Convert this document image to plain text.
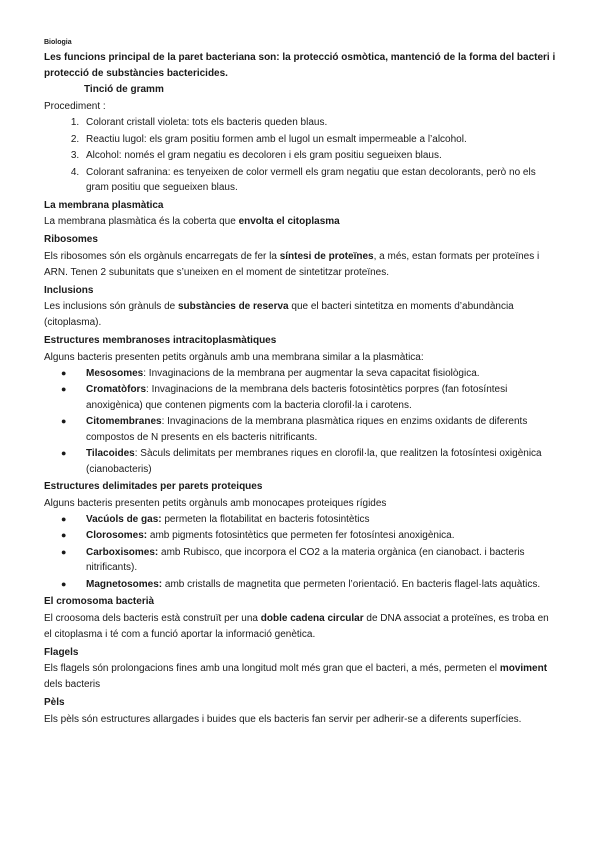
Biologia

Les funcions principal de la paret bacteriana son: la protecció osmòtica, mantenció de la forma del bacteri i protecció de substàncies bactericides.

Tinció de gramm
Procediment :
1. Colorant cristall violeta: tots els bacteris queden blaus.
2. Reactiu lugol: els gram positiu formen amb el lugol un esmalt impermeable a l’alcohol.
3. Alcohol: només el gram negatiu es decoloren i els gram positiu segueixen blaus.
4. Colorant safranina: es tenyeixen de color vermell els gram negatiu que estan decolorants, però no els gram positiu que segueixen blaus.
La membrana plasmàtica

La membrana plasmàtica és la coberta que envolta el citoplasma

Ribosomes

Els ribosomes són els orgànuls encarregats de fer la síntesi de proteïnes, a més, estan formats per proteïnes i ARN. Tenen 2 subunitats que s’uneixen en el moment de sintetitzar proteïnes.

Inclusions

Les inclusions són grànuls de substàncies de reserva que el bacteri sintetitza en moments d’abundància (citoplasma).

Estructures membranoses intracitoplasmàtiques

Alguns bacteris presenten petits orgànuls amb una membrana similar a la plasmàtica:

● Mesosomes: Invaginacions de la membrana per augmentar la seva capacitat fisiològica.
● Cromatòfors: Invaginacions de la membrana dels bacteris fotosintètics porpres (fan fotosíntesi anoxigènica) que contenen pigments com la bacteria clorofil·la i carotens.
● Citomembranes: Invaginacions de la membrana plasmàtica riques en enzims oxidants de diferents compostos de N presents en els bacteris nitrificants.
● Tilacoides: Sàculs delimitats per membranes riques en clorofil·la, que realitzen la fotosíntesi oxigènica (cianobacteris)
Estructures delimitades per parets proteiques

Alguns bacteris presenten petits orgànuls amb monocapes proteiques rígides

● Vacúols de gas: permeten la flotabilitat en bacteris fotosintètics
● Clorosomes: amb pigments fotosintètics que permeten fer fotosíntesi anoxigènica.
● Carboxisomes: amb Rubisco, que incorpora el CO2 a la materia orgànica (en cianobact. i bacteris nitrificants).
● Magnetosomes: amb cristalls de magnetita que permeten l’orientació. En bacteris flagel·lats aquàtics.
El cromosoma bacterià

El croosoma dels bacteris està construït per una doble cadena circular de DNA associat a proteïnes, es troba en el citoplasma i té com a funció aportar la informació genètica.

Flagels

Els flagels són prolongacions fines amb una longitud molt més gran que el bacteri, a més, permeten el moviment dels bacteris

Pèls

Els pèls són estructures allargades i buides que els bacteris fan servir per adherir-se a diferents superfícies.
